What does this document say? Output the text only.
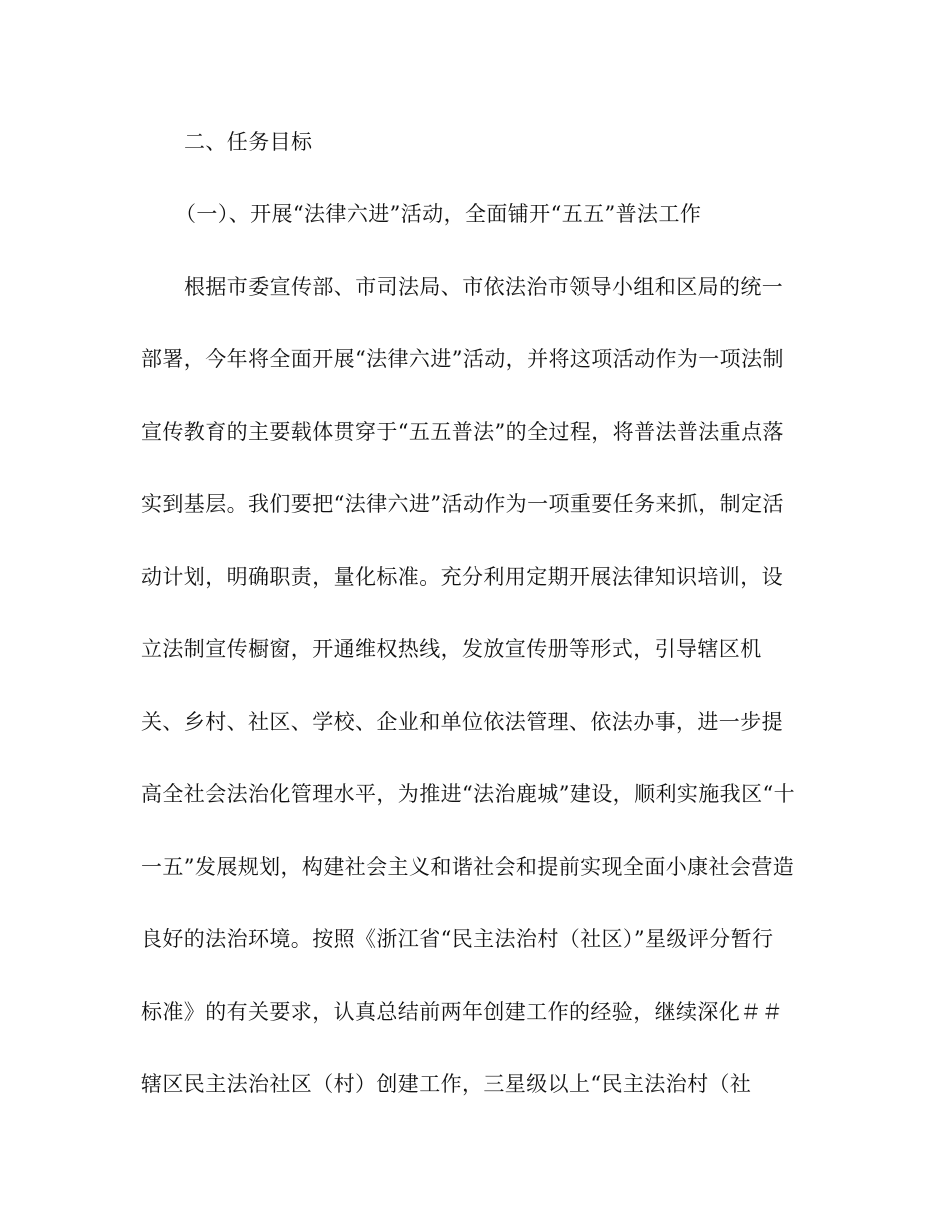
二、任务目标
（一）、开展“法律六进”活动，全面铺开“五五”普法工作
根据市委宣传部、市司法局、市依法治市领导小组和区局的统一
部署，今年将全面开展“法律六进”活动，并将这项活动作为一项法制
宣传教育的主要载体贯穿于“五五普法”的全过程，将普法普法重点落
实到基层。我们要把“法律六进”活动作为一项重要任务来抓，制定活
动计划，明确职责，量化标准。充分利用定期开展法律知识培训，设
立法制宣传橱窗，开通维权热线，发放宣传册等形式，引导辖区机
关、乡村、社区、学校、企业和单位依法管理、依法办事，进一步提
高全社会法治化管理水平，为推进“法治鹿城”建设，顺利实施我区“十
一五”发展规划，构建社会主义和谐社会和提前实现全面小康社会营造
良好的法治环境。按照《浙江省“民主法治村（社区）”星级评分暂行
标准》的有关要求，认真总结前两年创建工作的经验，继续深化＃＃
辖区民主法治社区（村）创建工作，三星级以上“民主法治村（社
